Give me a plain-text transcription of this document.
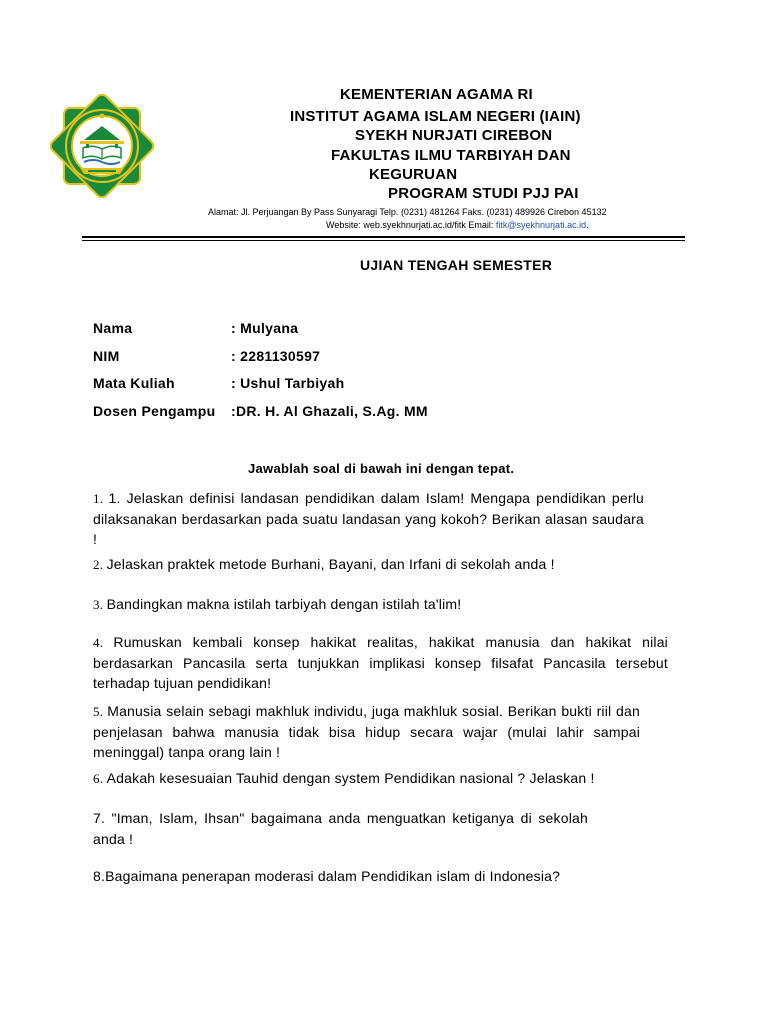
KEMENTERIAN AGAMA RI
INSTITUT AGAMA ISLAM NEGERI (IAIN)
SYEKH NURJATI CIREBON
FAKULTAS ILMU TARBIYAH DAN
KEGURUAN
PROGRAM STUDI PJJ PAI
Alamat: Jl. Perjuangan By Pass Sunyaragi Telp. (0231) 481264 Faks. (0231) 489926 Cirebon 45132
Website: web.syekhnurjati.ac.id/fitk Email: fitk@syekhnurjati.ac.id.
UJIAN TENGAH SEMESTER
Nama	: Mulyana
NIM	: 2281130597
Mata Kuliah	: Ushul Tarbiyah
Dosen Pengampu :DR. H. Al Ghazali, S.Ag. MM
Jawablah soal di bawah ini dengan tepat.
1. 1. Jelaskan definisi landasan pendidikan dalam Islam! Mengapa pendidikan perlu dilaksanakan berdasarkan pada suatu landasan yang kokoh? Berikan alasan saudara !
2. Jelaskan praktek metode Burhani, Bayani, dan Irfani di sekolah anda !
3. Bandingkan makna istilah tarbiyah dengan istilah ta'lim!
4. Rumuskan kembali konsep hakikat realitas, hakikat manusia dan hakikat nilai berdasarkan Pancasila serta tunjukkan implikasi konsep filsafat Pancasila tersebut terhadap tujuan pendidikan!
5. Manusia selain sebagi makhluk individu, juga makhluk sosial. Berikan bukti riil dan penjelasan bahwa manusia tidak bisa hidup secara wajar (mulai lahir sampai meninggal) tanpa orang lain !
6. Adakah kesesuaian Tauhid dengan system Pendidikan nasional ? Jelaskan !
7. "Iman, Islam, Ihsan" bagaimana anda menguatkan ketiganya di sekolah anda !
8.Bagaimana penerapan moderasi dalam Pendidikan islam di Indonesia?
